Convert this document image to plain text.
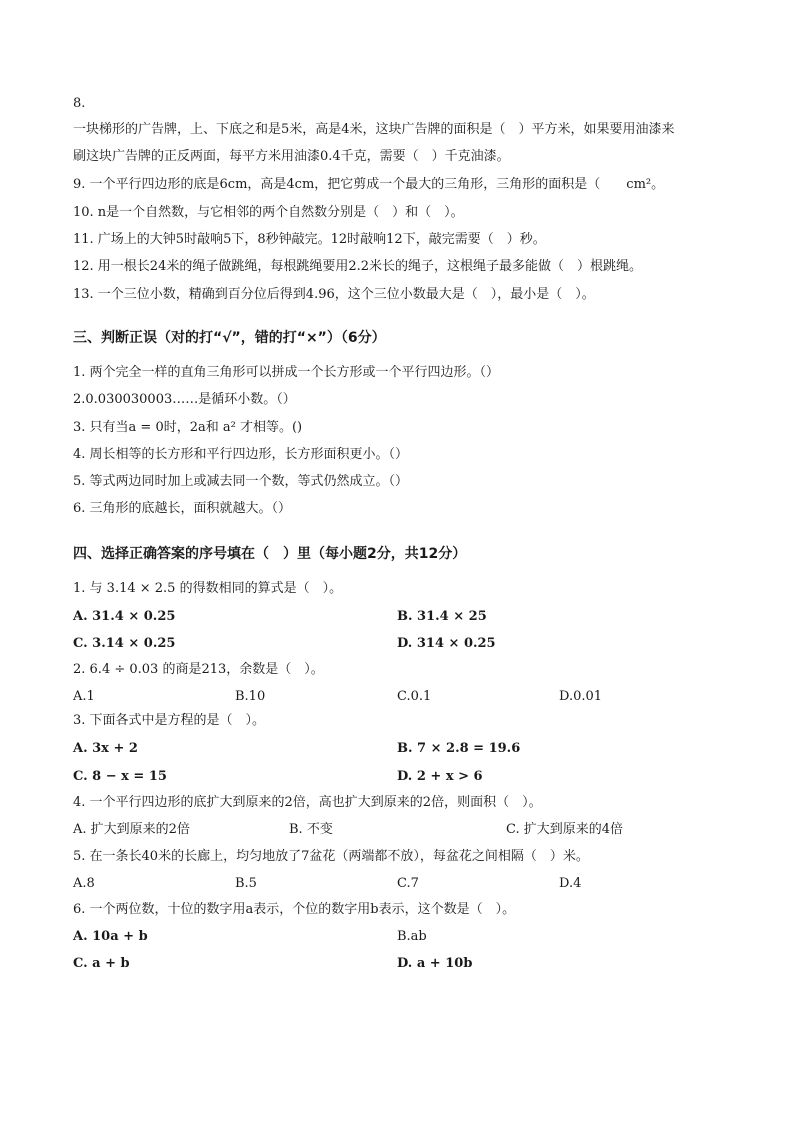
8.
一块梯形的广告牌，上、下底之和是5米，高是4米，这块广告牌的面积是（　）平方米，如果要用油漆来
刷这块广告牌的正反两面，每平方米用油漆0.4千克，需要（　）千克油漆。
9. 一个平行四边形的底是6cm，高是4cm，把它剪成一个最大的三角形，三角形的面积是（　　cm²。
10. n是一个自然数，与它相邻的两个自然数分别是（　）和（　）。
11. 广场上的大钟5时敲响5下，8秒钟敲完。12时敲响12下，敲完需要（　）秒。
12. 用一根长24米的绳子做跳绳，每根跳绳要用2.2米长的绳子，这根绳子最多能做（　）根跳绳。
13. 一个三位小数，精确到百分位后得到4.96，这个三位小数最大是（　），最小是（　）。
三、判断正误（对的打“√”，错的打“×”）（6分）
1. 两个完全一样的直角三角形可以拼成一个长方形或一个平行四边形。（）
2.0.030030003……是循环小数。（）
3. 只有当a = 0时，2a和 a² 才相等。()
4. 周长相等的长方形和平行四边形，长方形面积更小。（）
5. 等式两边同时加上或减去同一个数，等式仍然成立。（）
6. 三角形的底越长，面积就越大。（）
四、选择正确答案的序号填在（　）里（每小题2分，共12分）
1. 与 3.14 × 2.5 的得数相同的算式是（　）。
A. 31.4 × 0.25	B. 31.4 × 25
C. 3.14 × 0.25	D. 314 × 0.25
2. 6.4 ÷ 0.03 的商是213，余数是（　）。
A.1	B.10	C.0.1	D.0.01
3. 下面各式中是方程的是（　）。
A. 3x + 2	B. 7 × 2.8 = 19.6
C. 8 − x = 15	D. 2 + x > 6
4. 一个平行四边形的底扩大到原来的2倍，高也扩大到原来的2倍，则面积（　）。
A. 扩大到原来的2倍	B. 不变	C. 扩大到原来的4倍
5. 在一条长40米的长廊上，均匀地放了7盆花（两端都不放），每盆花之间相隔（　）米。
A.8	B.5	C.7	D.4
6. 一个两位数，十位的数字用a表示，个位的数字用b表示，这个数是（　）。
A. 10a + b	B.ab
C. a + b	D. a + 10b
